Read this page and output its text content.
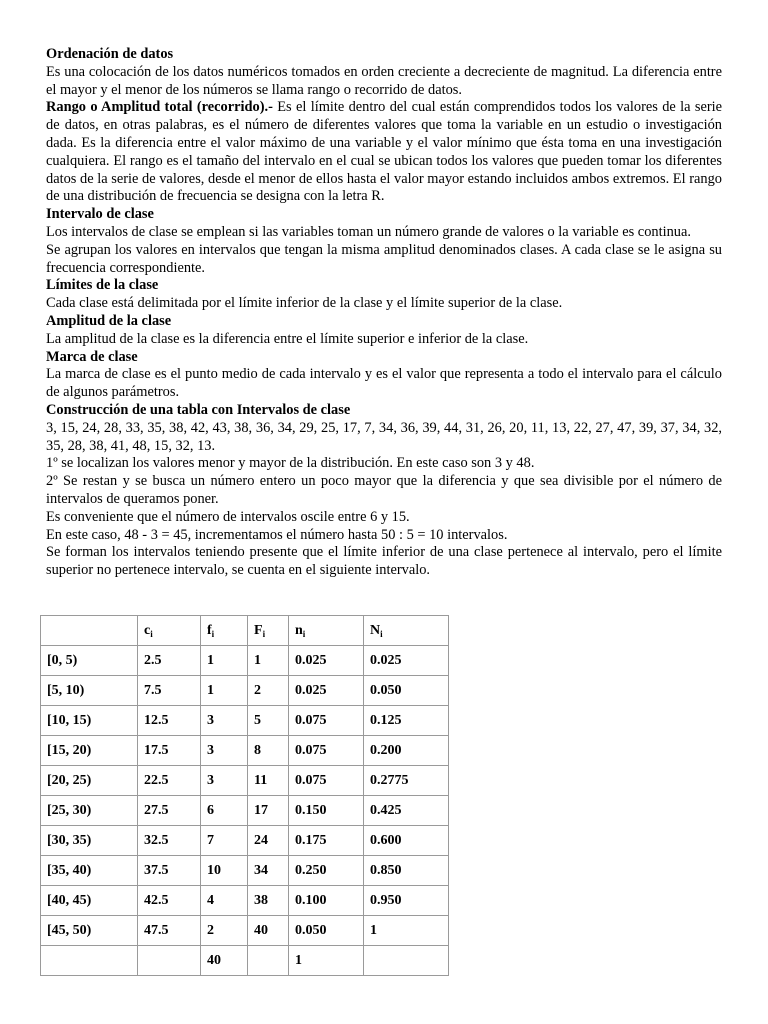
Ordenación de datos

Es una colocación de los datos numéricos tomados en orden creciente a decreciente de magnitud. La diferencia entre el mayor y el menor de los números se llama rango o recorrido de datos.

Rango o Amplitud total (recorrido).- Es el límite dentro del cual están comprendidos todos los valores de la serie de datos, en otras palabras, es el número de diferentes valores que toma la variable en un estudio o investigación dada. Es la diferencia entre el valor máximo de una variable y el valor mínimo que ésta toma en una investigación cualquiera. El rango es el tamaño del intervalo en el cual se ubican todos los valores que pueden tomar los diferentes datos de la serie de valores, desde el menor de ellos hasta el valor mayor estando incluidos ambos extremos. El rango de una distribución de frecuencia se designa con la letra R.

Intervalo de clase

Los intervalos de clase se emplean si las variables toman un número grande de valores o la variable es continua.

Se agrupan los valores en intervalos que tengan la misma amplitud denominados clases. A cada clase se le asigna su frecuencia correspondiente.

Límites de la clase

Cada clase está delimitada por el límite inferior de la clase y el límite superior de la clase.

Amplitud de la clase

La amplitud de la clase es la diferencia entre el límite superior e inferior de la clase.

Marca de clase

La marca de clase es el punto medio de cada intervalo y es el valor que representa a todo el intervalo para el cálculo de algunos parámetros.

Construcción de una tabla con Intervalos de clase

3, 15, 24, 28, 33, 35, 38, 42, 43, 38, 36, 34, 29, 25, 17, 7, 34, 36, 39, 44, 31, 26, 20, 11, 13, 22, 27, 47, 39, 37, 34, 32, 35, 28, 38, 41, 48, 15, 32, 13.

1º se localizan los valores menor y mayor de la distribución. En este caso son 3 y 48.

2º Se restan y se busca un número entero un poco mayor que la diferencia y que sea divisible por el número de intervalos de queramos poner.

Es conveniente que el número de intervalos oscile entre 6 y 15.

En este caso, 48 - 3 = 45, incrementamos el número hasta 50 : 5 = 10 intervalos.

Se forman los intervalos teniendo presente que el límite inferior de una clase pertenece al intervalo, pero el límite superior no pertenece intervalo, se cuenta en el siguiente intervalo.

	$c_i$	$f_i$	$F_i$	$n_i$	$N_i$
[0, 5)	2.5	1	1	0.025	0.025
[5, 10)	7.5	1	2	0.025	0.050
[10, 15)	12.5	3	5	0.075	0.125
[15, 20)	17.5	3	8	0.075	0.200
[20, 25)	22.5	3	11	0.075	0.2775
[25, 30)	27.5	6	17	0.150	0.425
[30, 35)	32.5	7	24	0.175	0.600
[35, 40)	37.5	10	34	0.250	0.850
[40, 45)	42.5	4	38	0.100	0.950
[45, 50)	47.5	2	40	0.050	1
		40		1	
